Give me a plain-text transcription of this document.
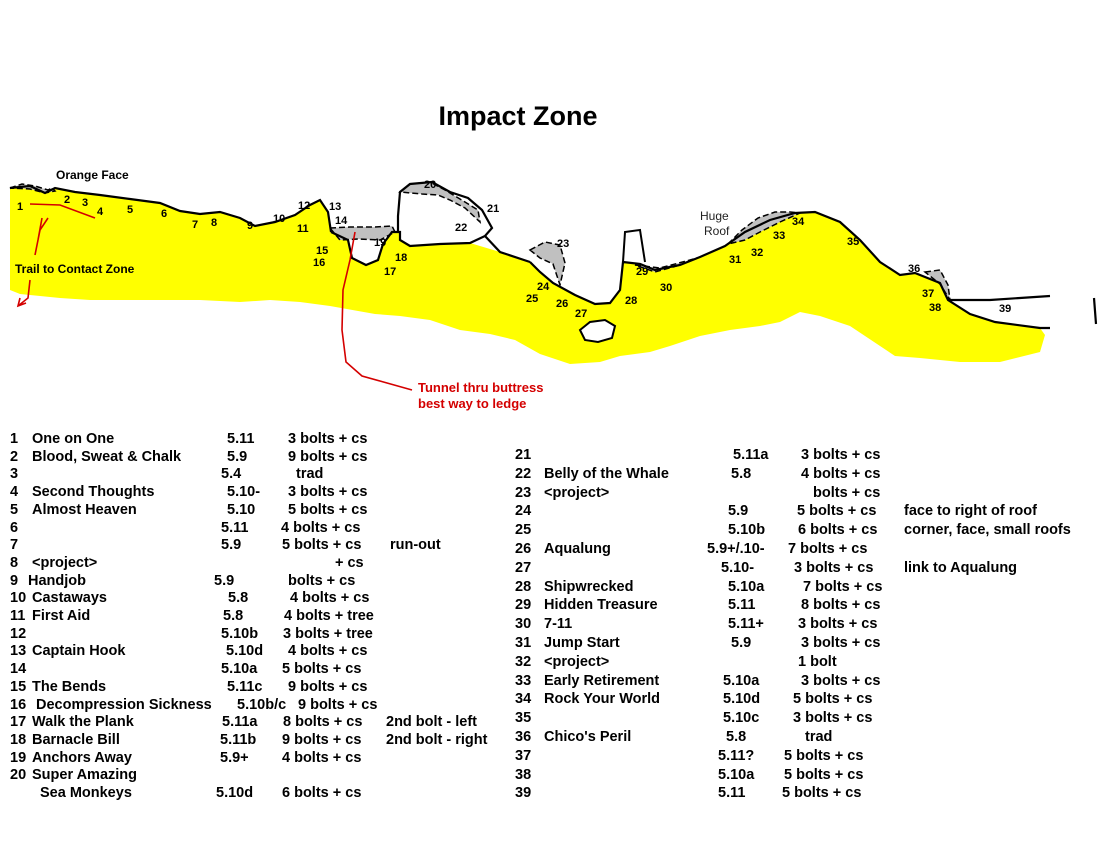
Impact Zone
1
2 3
4 5	6
7 8	9
10
11
12 13
14
15
16
17
18
19
20
21
22
23
24
25 26
27
28
29
30
31
32
33
34
35
36
37
38	39
Orange Face
Huge
Roof
Trail to Contact Zone
Tunnel thru buttress
best way to ledge
1 One on One	5.11 3 bolts + cs
2 Blood, Sweat & Chalk	5.9	9 bolts + cs
3	5.4	trad
4 Second Thoughts	5.10- 3 bolts + cs
5 Almost Heaven	5.10 5 bolts + cs
6	5.11 4 bolts + cs
7	5.9	5 bolts + cs run-out
8 <project>	+ cs
9 Handjob	5.9	bolts + cs
10 Castaways	5.8	4 bolts + cs
11 First Aid	5.8	4 bolts + tree
12	5.10b 3 bolts + tree
13 Captain Hook	5.10d 4 bolts + cs
14	5.10a 5 bolts + cs
15 The Bends	5.11c 9 bolts + cs
16 Decompression Sickness 5.10b/c 9 bolts + cs
17 Walk the Plank	5.11a 8 bolts + cs 2nd bolt - left
18 Barnacle Bill	5.11b 9 bolts + cs 2nd bolt - right
19 Anchors Away	5.9+ 4 bolts + cs
20 Super Amazing
Sea Monkeys	5.10d 6 bolts + cs
21	5.11a 3 bolts + cs
22 Belly of the Whale	5.8	4 bolts + cs
23 <project>	bolts + cs
24	5.9	5 bolts + cs face to right of roof
25	5.10b 6 bolts + cs corner, face, small roofs
26 Aqualung	5.9+/.10- 7 bolts + cs
27	5.10-	3 bolts + cs link to Aqualung
28 Shipwrecked	5.10a	7 bolts + cs
29 Hidden Treasure	5.11	8 bolts + cs
30 7-11	5.11+ 3 bolts + cs
31 Jump Start	5.9	3 bolts + cs
32 <project>	1 bolt
33 Early Retirement	5.10a	3 bolts + cs
34 Rock Your World	5.10d 5 bolts + cs
35	5.10c 3 bolts + cs
36 Chico's Peril	5.8	trad
37	5.11? 5 bolts + cs
38	5.10a 5 bolts + cs
39	5.11	5 bolts + cs
